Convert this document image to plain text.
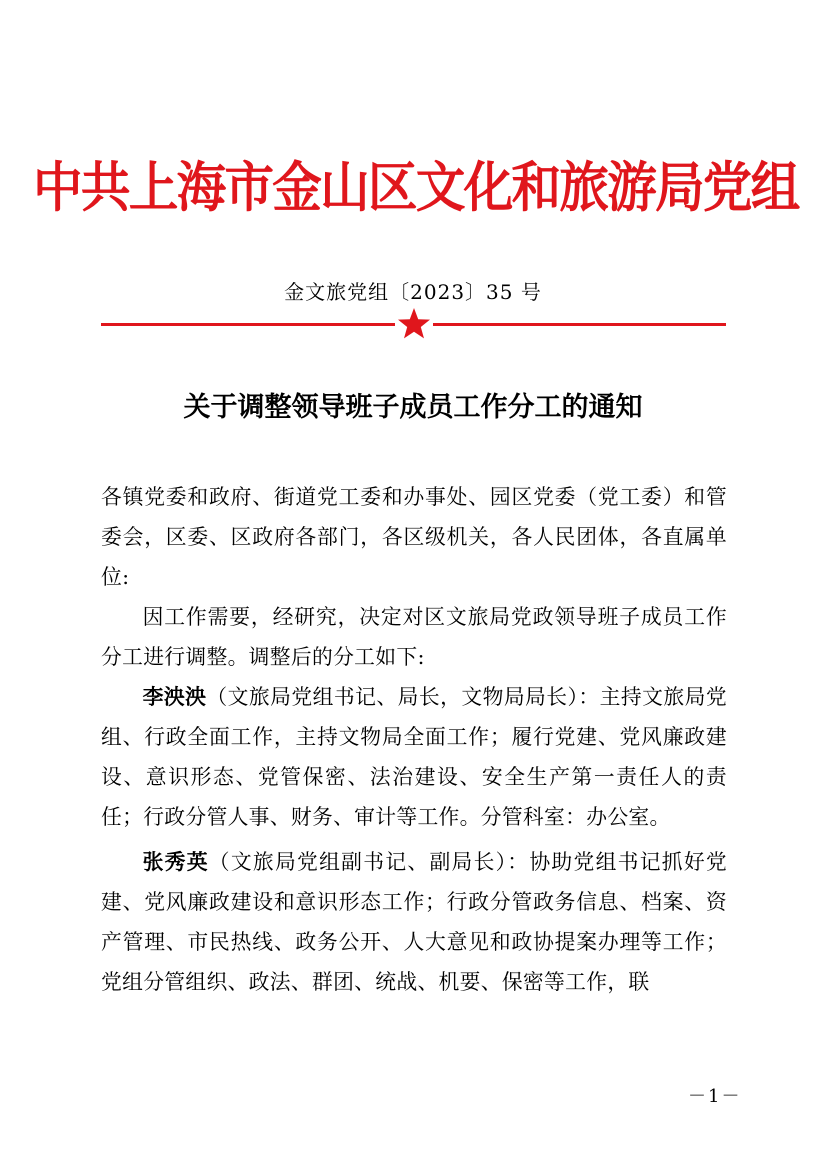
中共上海市金山区文化和旅游局党组
金文旅党组〔2023〕35 号
关于调整领导班子成员工作分工的通知

各镇党委和政府、街道党工委和办事处、园区党委（党工委）和管委会，区委、区政府各部门，各区级机关，各人民团体，各直属单位:

因工作需要，经研究，决定对区文旅局党政领导班子成员工作分工进行调整。调整后的分工如下:

李泱泱（文旅局党组书记、局长，文物局局长）：主持文旅局党组、行政全面工作，主持文物局全面工作；履行党建、党风廉政建设、意识形态、党管保密、法治建设、安全生产第一责任人的责任；行政分管人事、财务、审计等工作。分管科室：办公室。

张秀英（文旅局党组副书记、副局长）：协助党组书记抓好党建、党风廉政建设和意识形态工作；行政分管政务信息、档案、资产管理、市民热线、政务公开、人大意见和政协提案办理等工作；党组分管组织、政法、群团、统战、机要、保密等工作，联

－1－
